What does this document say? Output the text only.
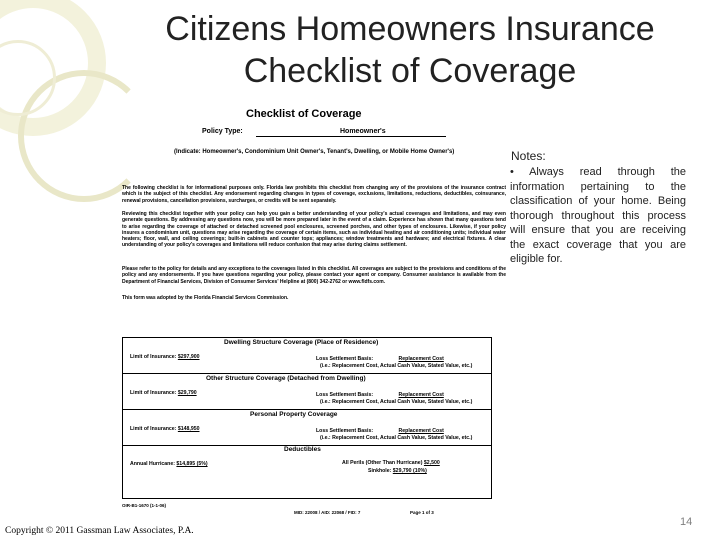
Citizens Homeowners Insurance
Checklist of Coverage
Checklist of Coverage
Policy Type:	Homeowner's
(Indicate: Homeowner's, Condominium Unit Owner's, Tenant's, Dwelling, or Mobile Home Owner's)

The following checklist is for informational purposes only. Florida law prohibits this checklist from changing any of the provisions of the insurance contract which is the subject of this checklist. Any endorsement regarding changes in types of coverage, exclusions, limitations, reductions, deductibles, coinsurance, renewal provisions, cancellation provisions, surcharges, or credits will be sent separately.

Reviewing this checklist together with your policy can help you gain a better understanding of your policy's actual coverages and limitations, and may even generate questions. By addressing any questions now, you will be more prepared later in the event of a claim. Experience has shown that many questions tend to arise regarding the coverage of attached or detached screened pool enclosures, screened porches, and other types of enclosures. Likewise, if your policy insures a condominium unit, questions may arise regarding the coverage of certain items, such as individual heating and air conditioning units; individual water heaters; floor, wall, and ceiling coverings; built-in cabinets and counter tops; appliances; window treatments and hardware; and electrical fixtures. A clear understanding of your policy's coverages and limitations will reduce confusion that may arise during claims settlement.

Please refer to the policy for details and any exceptions to the coverages listed in this checklist. All coverages are subject to the provisions and conditions of the policy and any endorsements. If you have questions regarding your policy, please contact your agent or company. Consumer assistance is available from the Department of Financial Services, Division of Consumer Services' Helpline at (800) 342-2762 or www.fldfs.com.

This form was adopted by the Florida Financial Services Commission.

Dwelling Structure Coverage (Place of Residence)
Limit of Insurance: $297,900	Loss Settlement Basis:	Replacement Cost
(i.e.: Replacement Cost, Actual Cash Value, Stated Value, etc.)
Other Structure Coverage (Detached from Dwelling)
Limit of Insurance: $29,790	Loss Settlement Basis:	Replacement Cost
(i.e.: Replacement Cost, Actual Cash Value, Stated Value, etc.)
Personal Property Coverage
Limit of Insurance: $148,950	Loss Settlement Basis:	Replacement Cost
(i.e.: Replacement Cost, Actual Cash Value, Stated Value, etc.)
Deductibles
Annual Hurricane: $14,895 (5%)	All Perils (Other Than Hurricane) $2,500
Sinkhole: $29,790 (10%)
OIR-B1-1670 (1-1-06)
MID: 22008 / AID: 22068 / FID: 7	Page 1 of 3
Notes:
• Always read through the information pertaining to the classification of your home. Being thorough throughout this process will ensure that you are receiving the exact coverage that you are eligible for.
Copyright © 2011 Gassman Law Associates, P.A.
14
